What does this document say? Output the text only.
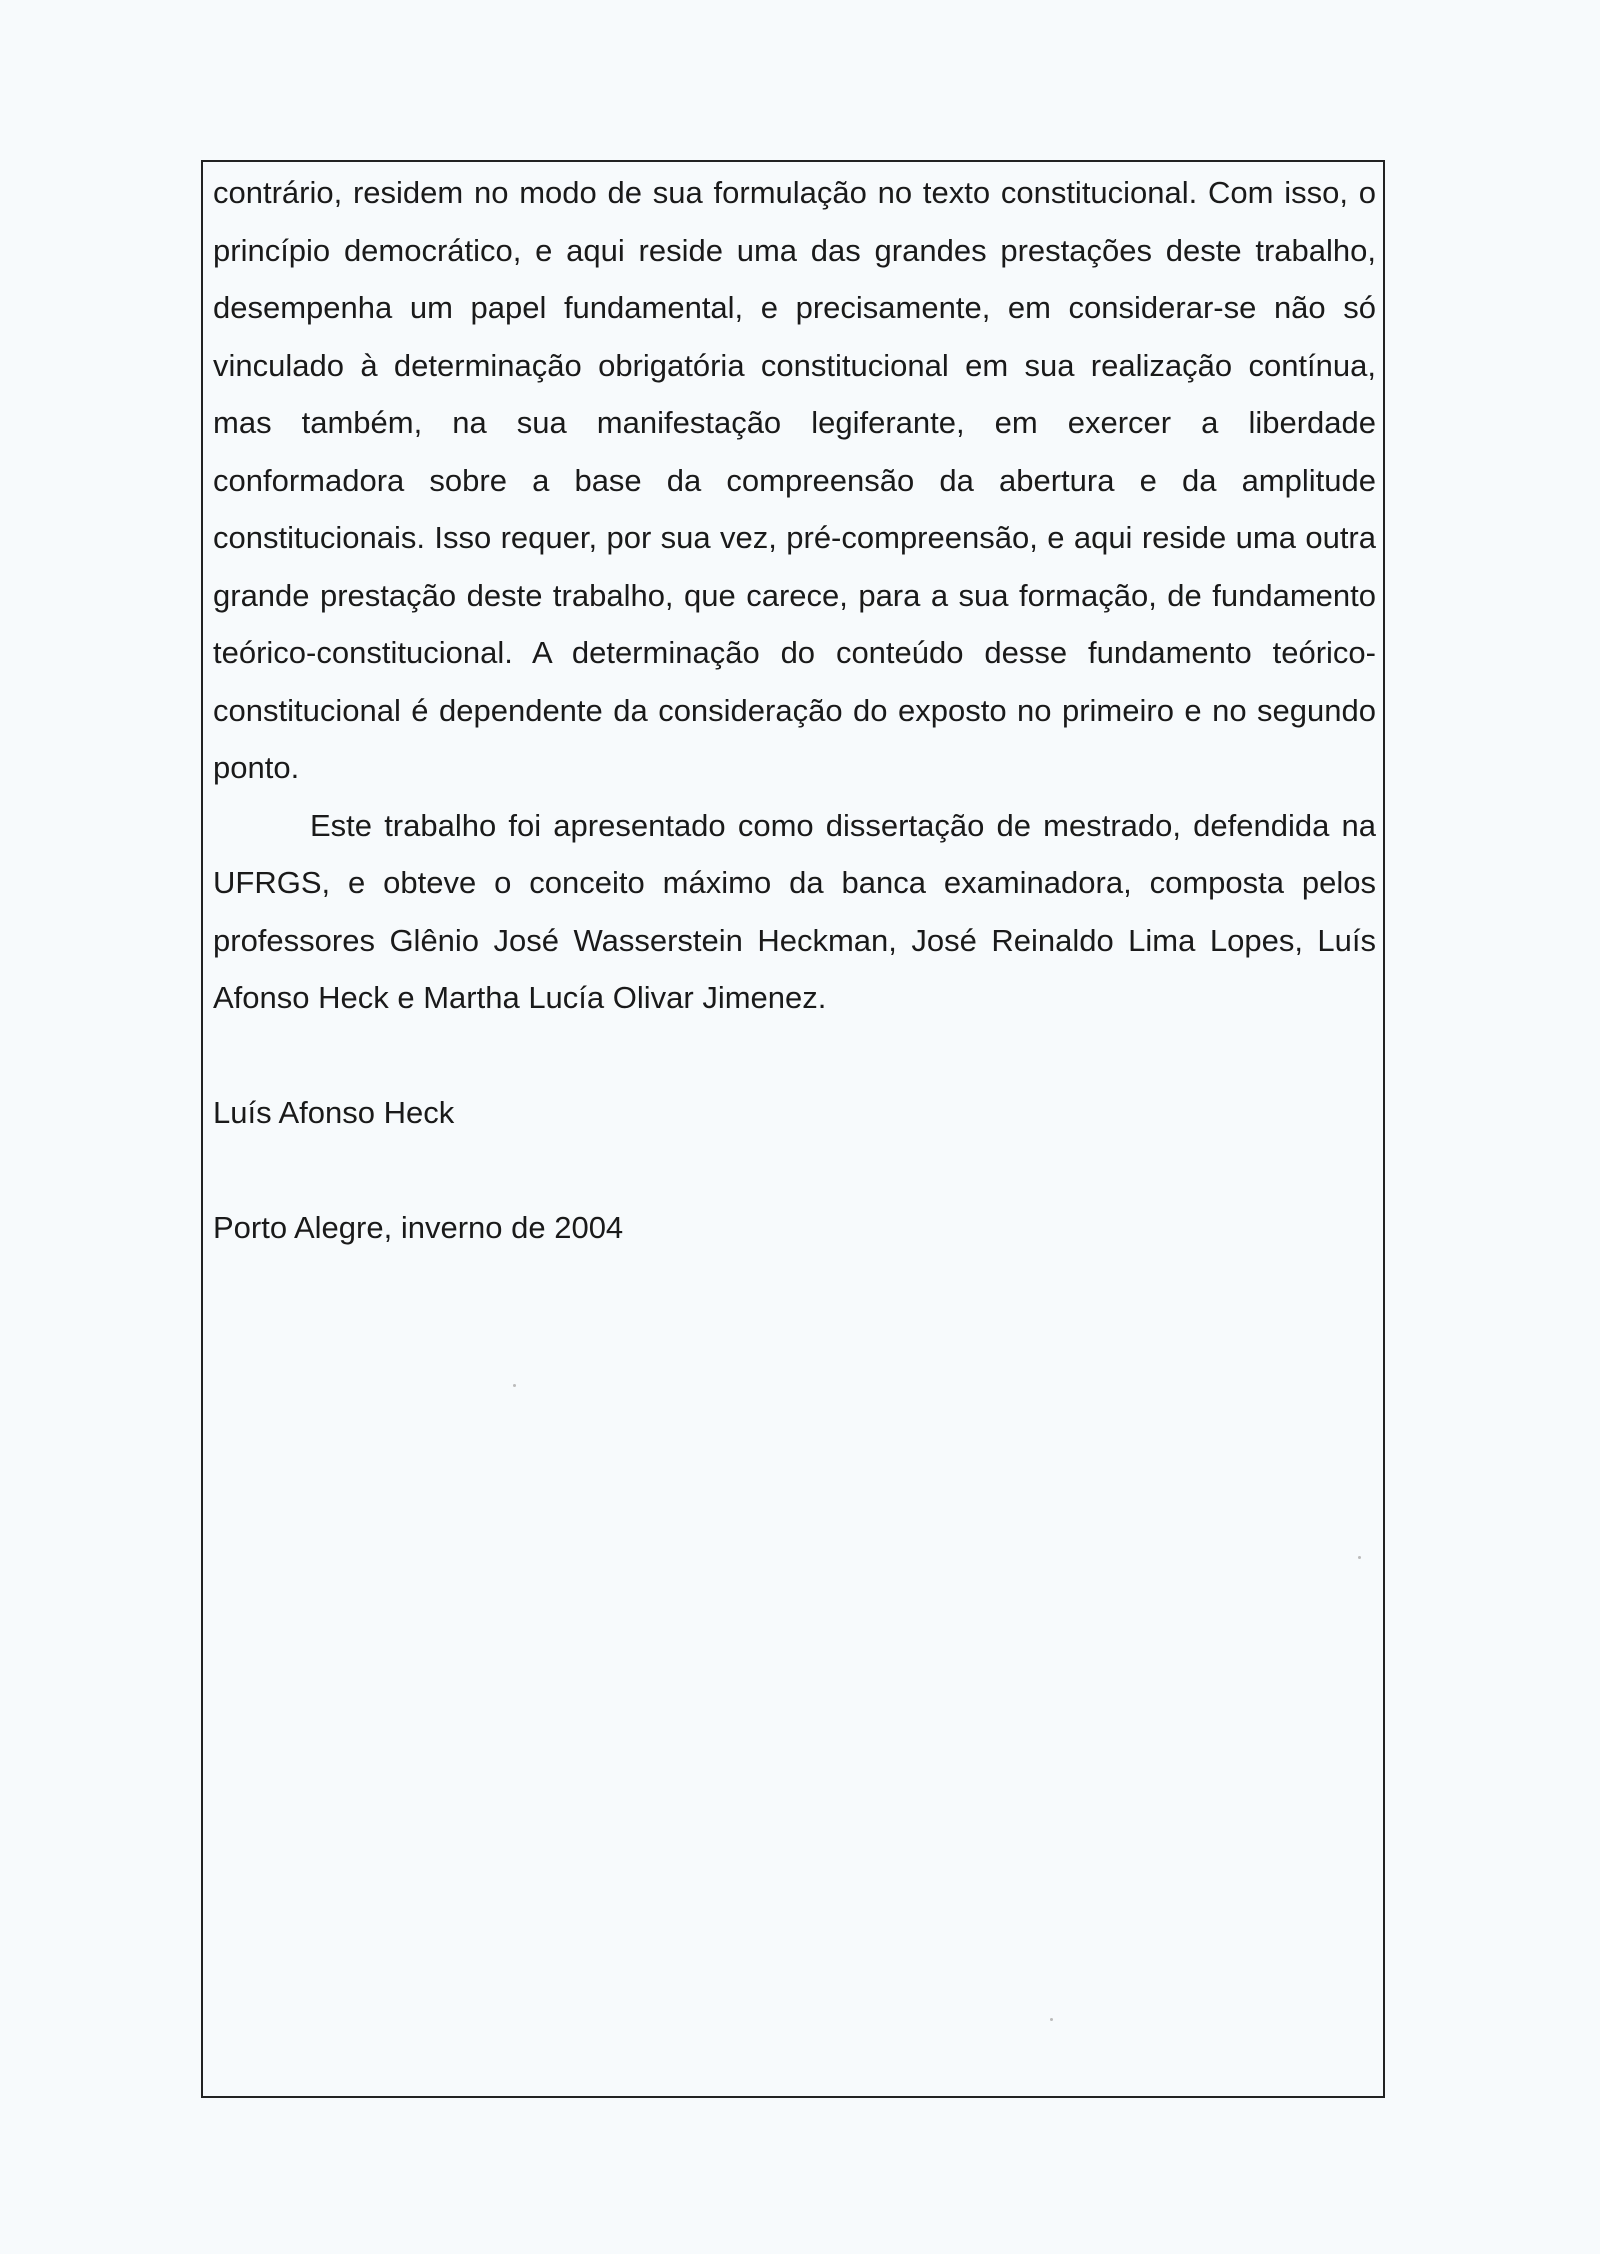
contrário, residem no modo de sua formulação no texto constitucional. Com isso, o princípio democrático, e aqui reside uma das grandes prestações deste trabalho, desempenha um papel fundamental, e precisamente, em considerar-se não só vinculado à determinação obrigatória constitucional em sua realização contínua, mas também, na sua manifestação legiferante, em exercer a liberdade conformadora sobre a base da compreensão da abertura e da amplitude constitucionais. Isso requer, por sua vez, pré-compreensão, e aqui reside uma outra grande prestação deste trabalho, que carece, para a sua formação, de fundamento teórico-constitucional. A determinação do conteúdo desse fundamento teórico-constitucional é dependente da consideração do exposto no primeiro e no segundo ponto.

Este trabalho foi apresentado como dissertação de mestrado, defendida na UFRGS, e obteve o conceito máximo da banca examinadora, composta pelos professores Glênio José Wasserstein Heckman, José Reinaldo Lima Lopes, Luís Afonso Heck e Martha Lucía Olivar Jimenez.

Luís Afonso Heck

Porto Alegre, inverno de 2004
